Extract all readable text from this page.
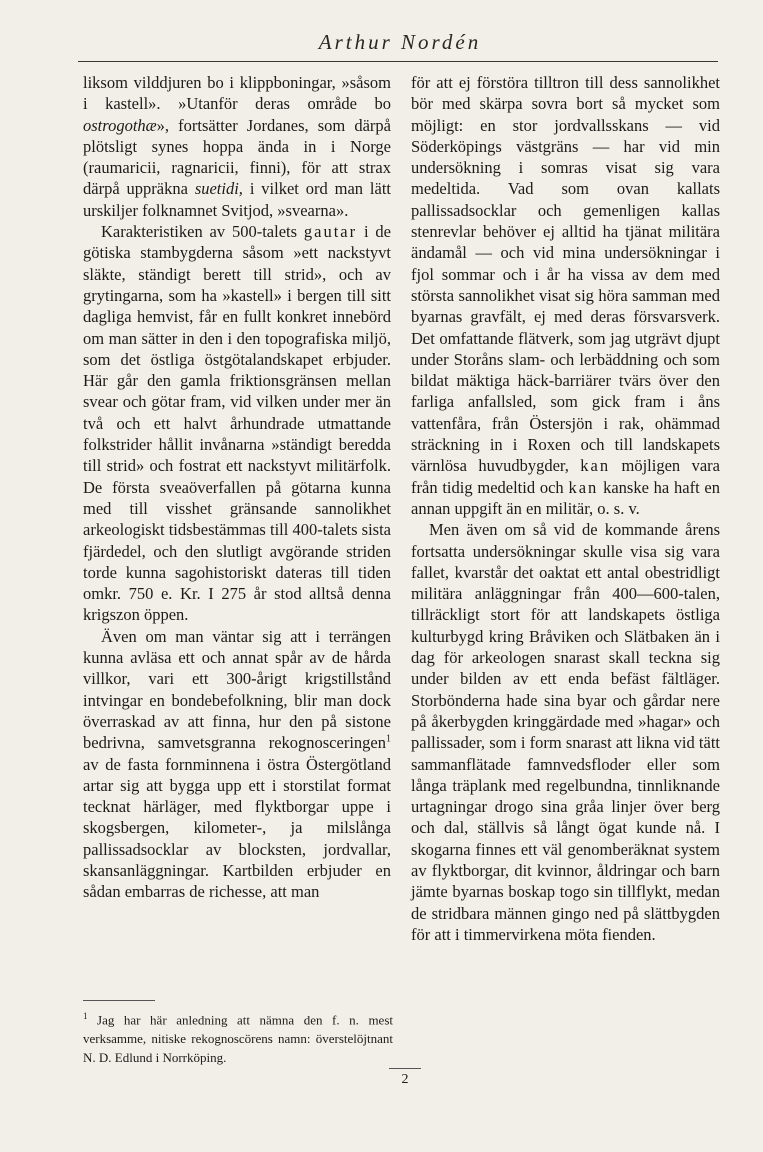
Arthur Nordén

liksom vilddjuren bo i klippboningar, »såsom i kastell». »Utanför deras område bo ostrogothæ», fortsätter Jordanes, som därpå plötsligt synes hoppa ända in i Norge (raumaricii, ragnaricii, finni), för att strax därpå uppräkna suetidi, i vilket ord man lätt urskiljer folknamnet Svitjod, »svearna».

Karakteristiken av 500-talets gautar i de götiska stambygderna såsom »ett nackstyvt släkte, ständigt berett till strid», och av grytingarna, som ha »kastell» i bergen till sitt dagliga hemvist, får en fullt konkret innebörd om man sätter in den i den topografiska miljö, som det östliga östgötalandskapet erbjuder. Här går den gamla friktionsgränsen mellan svear och götar fram, vid vilken under mer än två och ett halvt århundrade utmattande folkstrider hållit invånarna »ständigt beredda till strid» och fostrat ett nackstyvt militärfolk. De första sveaöverfallen på götarna kunna med till visshet gränsande sannolikhet arkeologiskt tidsbestämmas till 400-talets sista fjärdedel, och den slutligt avgörande striden torde kunna sagohistoriskt dateras till tiden omkr. 750 e. Kr. I 275 år stod alltså denna krigszon öppen.

Även om man väntar sig att i terrängen kunna avläsa ett och annat spår av de hårda villkor, vari ett 300-årigt krigstillstånd intvingar en bondebefolkning, blir man dock överraskad av att finna, hur den på sistone bedrivna, samvetsgranna rekognosceringen$^1$ av de fasta fornminnena i östra Östergötland artar sig att bygga upp ett i storstilat format tecknat härläger, med flyktborgar uppe i skogsbergen, kilometer-, ja milslånga pallissadsocklar av blocksten, jordvallar, skansanläggningar. Kartbilden erbjuder en sådan embarras de richesse, att man

för att ej förstöra tilltron till dess sannolikhet bör med skärpa sovra bort så mycket som möjligt: en stor jordvallsskans — vid Söderköpings västgräns — har vid min undersökning i somras visat sig vara medeltida. Vad som ovan kallats pallissadsocklar och gemenligen kallas stenrevlar behöver ej alltid ha tjänat militära ändamål — och vid mina undersökningar i fjol sommar och i år ha vissa av dem med största sannolikhet visat sig höra samman med byarnas gravfält, ej med deras försvarsverk. Det omfattande flätverk, som jag utgrävt djupt under Storåns slam- och lerbäddning och som bildat mäktiga häck-barriärer tvärs över den farliga anfallsled, som gick fram i åns vattenfåra, från Östersjön i rak, ohämmad sträckning in i Roxen och till landskapets värnlösa huvudbygder, kan möjligen vara från tidig medeltid och kan kanske ha haft en annan uppgift än en militär, o. s. v.

Men även om så vid de kommande årens fortsatta undersökningar skulle visa sig vara fallet, kvarstår det oaktat ett antal obestridligt militära anläggningar från 400—600-talen, tillräckligt stort för att landskapets östliga kulturbygd kring Bråviken och Slätbaken än i dag för arkeologen snarast skall teckna sig under bilden av ett enda befäst fältläger. Storbönderna hade sina byar och gårdar nere på åkerbygden kringgärdade med »hagar» och pallissader, som i form snarast att likna vid tätt sammanflätade famnvedsfloder eller som långa träplank med regelbundna, tinnliknande urtagningar drogo sina gråa linjer över berg och dal, ställvis så långt ögat kunde nå. I skogarna finnes ett väl genomberäknat system av flyktborgar, dit kvinnor, åldringar och barn jämte byarnas boskap togo sin tillflykt, medan de stridbara männen gingo ned på slättbygden för att i timmervirkena möta fienden.

$^1$ Jag har här anledning att nämna den f. n. mest verksamme, nitiske rekognoscörens namn: överstelöjtnant N. D. Edlund i Norrköping.
2
